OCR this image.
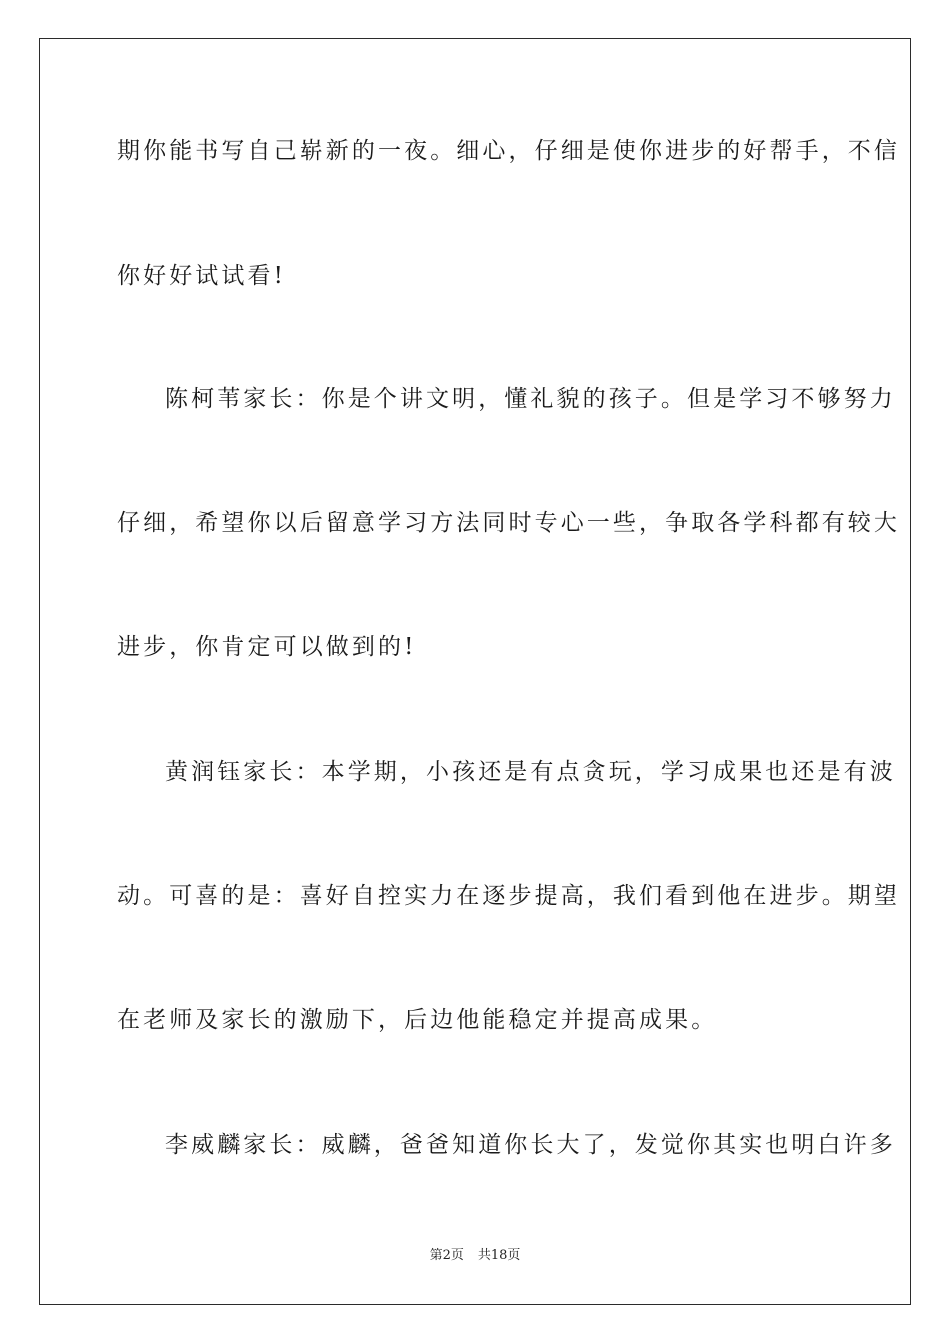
期你能书写自己崭新的一夜。细心，仔细是使你进步的好帮手，不信
你好好试试看!
陈柯苇家长：你是个讲文明，懂礼貌的孩子。但是学习不够努力
仔细，希望你以后留意学习方法同时专心一些，争取各学科都有较大
进步，你肯定可以做到的!
黄润钰家长：本学期，小孩还是有点贪玩，学习成果也还是有波
动。可喜的是：喜好自控实力在逐步提高，我们看到他在进步。期望
在老师及家长的激励下，后边他能稳定并提高成果。
李威麟家长：威麟，爸爸知道你长大了，发觉你其实也明白许多
第2页 共18页
